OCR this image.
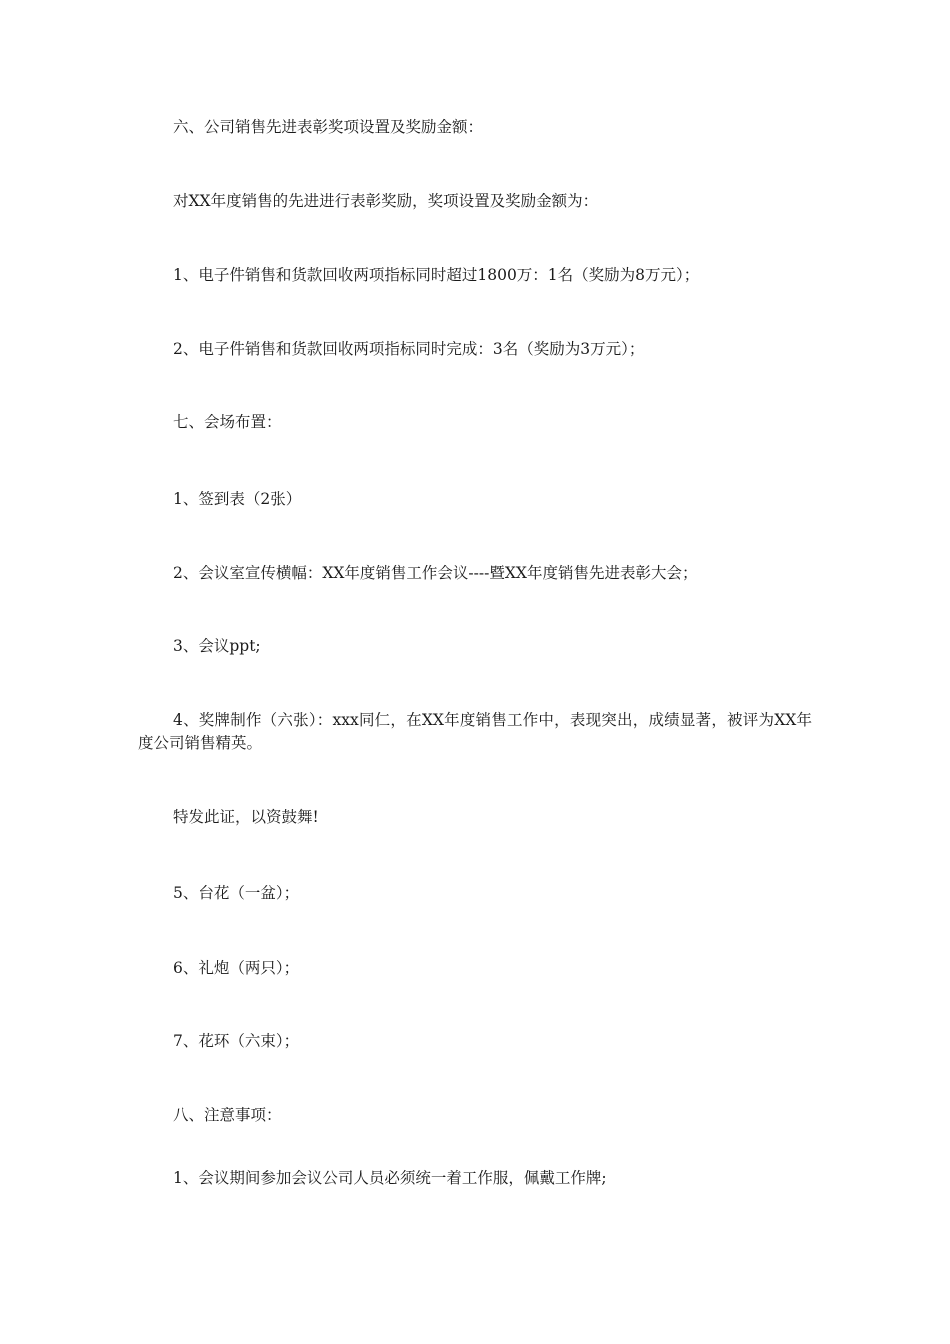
六、公司销售先进表彰奖项设置及奖励金额：

对XX年度销售的先进进行表彰奖励，奖项设置及奖励金额为：

1、电子件销售和货款回收两项指标同时超过1800万：1名（奖励为8万元）；

2、电子件销售和货款回收两项指标同时完成：3名（奖励为3万元）；

七、会场布置：

1、签到表（2张）

2、会议室宣传横幅：XX年度销售工作会议----暨XX年度销售先进表彰大会；

3、会议ppt;

4、奖牌制作（六张）：xxx同仁，在XX年度销售工作中，表现突出，成绩显著，被评为XX年度公司销售精英。

特发此证，以资鼓舞!

5、台花（一盆）；

6、礼炮（两只）；

7、花环（六束）；

八、注意事项：

1、会议期间参加会议公司人员必须统一着工作服，佩戴工作牌;
